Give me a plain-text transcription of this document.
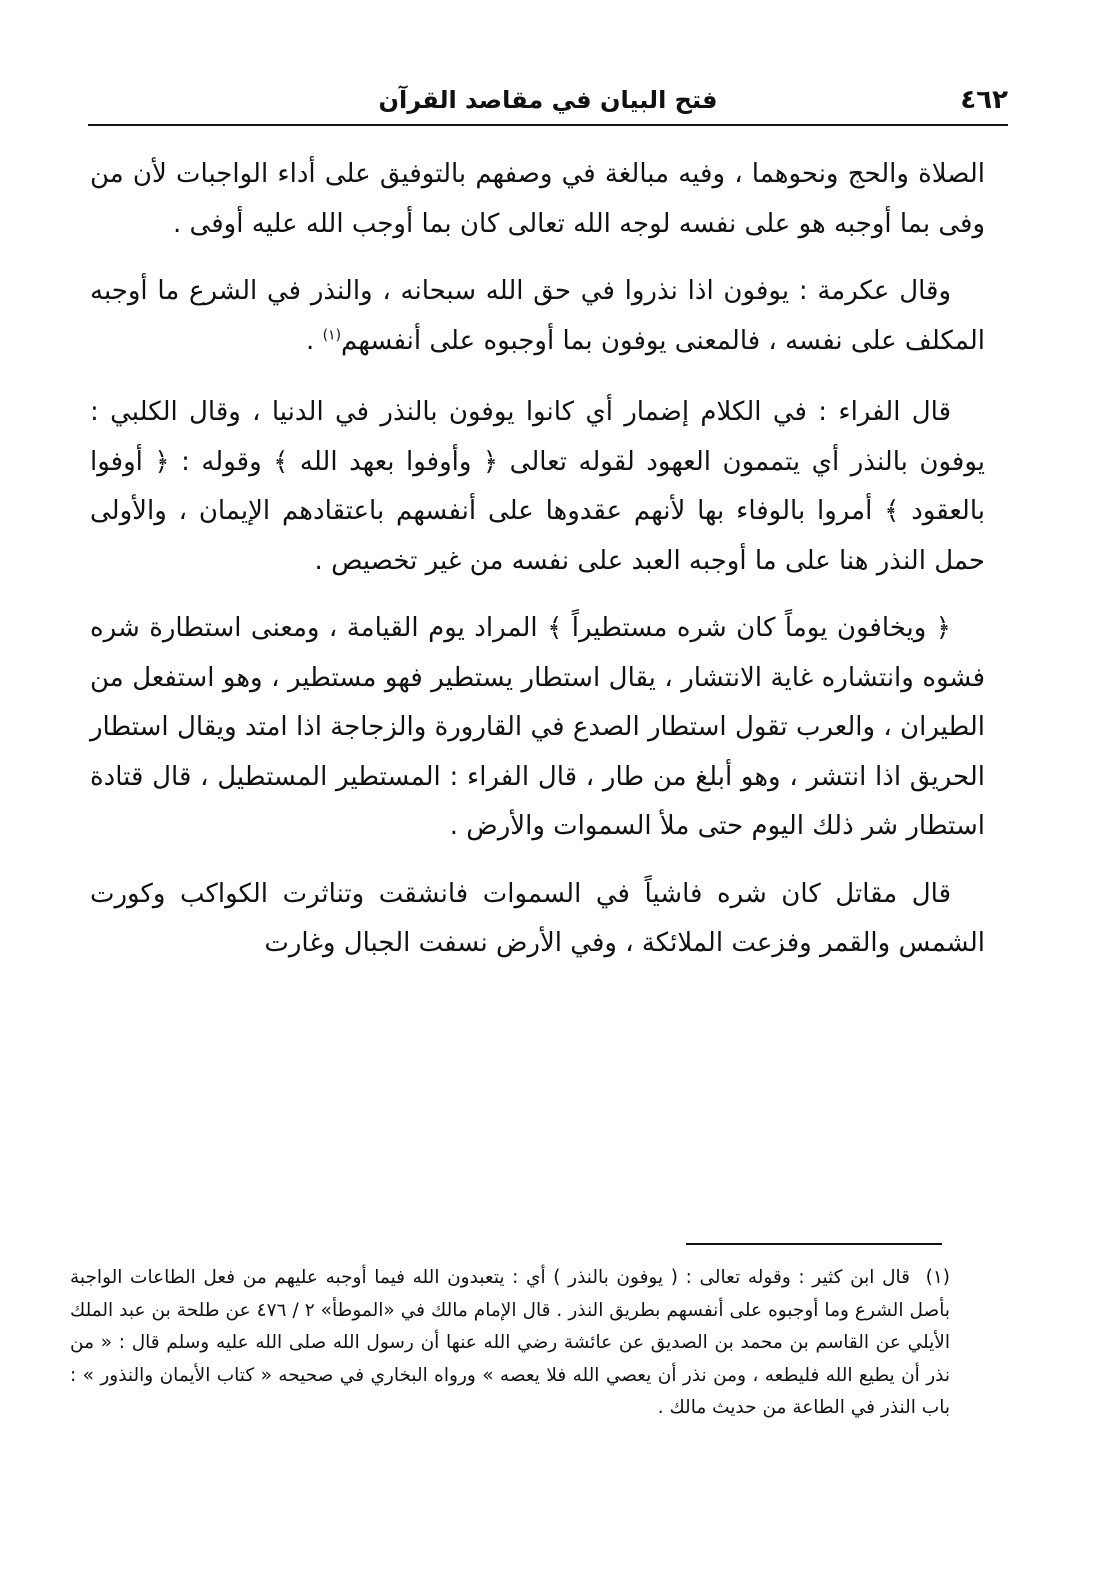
٤٦٢
فتح البيان في مقاصد القرآن

الصلاة والحج ونحوهما ، وفيه مبالغة في وصفهم بالتوفيق على أداء الواجبات لأن من وفى بما أوجبه هو على نفسه لوجه الله تعالى كان بما أوجب الله عليه أوفى .

وقال عكرمة : يوفون اذا نذروا في حق الله سبحانه ، والنذر في الشرع ما أوجبه المكلف على نفسه ، فالمعنى يوفون بما أوجبوه على أنفسهم$^{(١)}$ .

قال الفراء : في الكلام إضمار أي كانوا يوفون بالنذر في الدنيا ، وقال الكلبي : يوفون بالنذر أي يتممون العهود لقوله تعالى ﴿ وأوفوا بعهد الله ﴾ وقوله : ﴿ أوفوا بالعقود ﴾ أمروا بالوفاء بها لأنهم عقدوها على أنفسهم باعتقادهم الإيمان ، والأولى حمل النذر هنا على ما أوجبه العبد على نفسه من غير تخصيص .

﴿ ويخافون يوماً كان شره مستطيراً ﴾ المراد يوم القيامة ، ومعنى استطارة شره فشوه وانتشاره غاية الانتشار ، يقال استطار يستطير فهو مستطير ، وهو استفعل من الطيران ، والعرب تقول استطار الصدع في القارورة والزجاجة اذا امتد ويقال استطار الحريق اذا انتشر ، وهو أبلغ من طار ، قال الفراء : المستطير المستطيل ، قال قتادة استطار شر ذلك اليوم حتى ملأ السموات والأرض .

قال مقاتل كان شره فاشياً في السموات فانشقت وتناثرت الكواكب وكورت الشمس والقمر وفزعت الملائكة ، وفي الأرض نسفت الجبال وغارت

(١)قال ابن كثير : وقوله تعالى : ( يوفون بالنذر ) أي : يتعبدون الله فيما أوجبه عليهم من فعل الطاعات الواجبة بأصل الشرع وما أوجبوه على أنفسهم بطريق النذر . قال الإمام مالك في «الموطأ» ٢ / ٤٧٦ عن طلحة بن عبد الملك الأيلي عن القاسم بن محمد بن الصديق عن عائشة رضي الله عنها أن رسول الله صلى الله عليه وسلم قال : « من نذر أن يطيع الله فليطعه ، ومن نذر أن يعصي الله فلا يعصه » ورواه البخاري في صحيحه « كتاب الأيمان والنذور » : باب النذر في الطاعة من حديث مالك .
